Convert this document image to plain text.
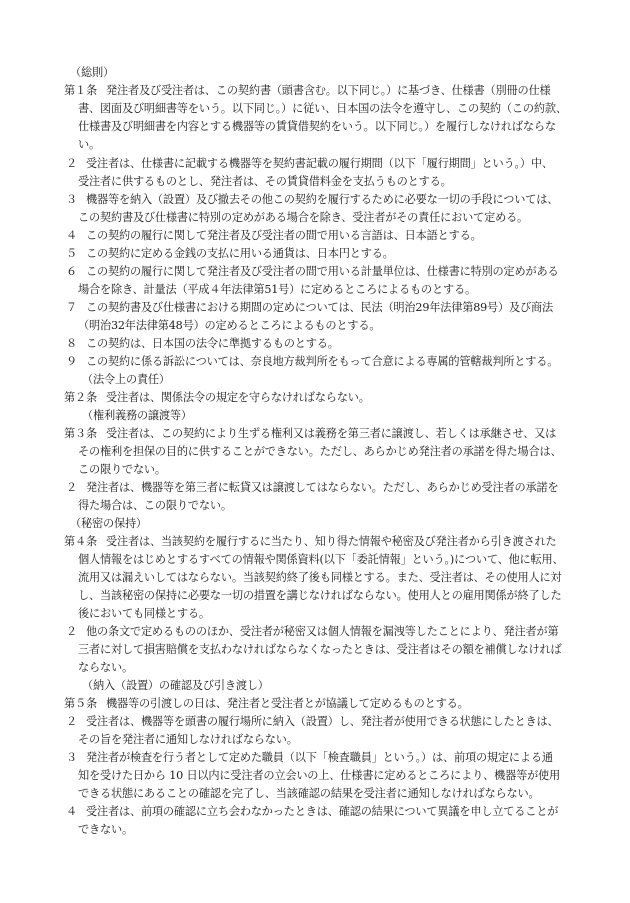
（総則）
第１条 発注者及び受注者は、この契約書（頭書含む。以下同じ。）に基づき、仕様書（別冊の仕様
書、図面及び明細書等をいう。以下同じ。）に従い、日本国の法令を遵守し、この契約（この約款、
仕様書及び明細書を内容とする機器等の賃貸借契約をいう。以下同じ。）を履行しなければならな
い。
２ 受注者は、仕様書に記載する機器等を契約書記載の履行期間（以下「履行期間」という。）中、
受注者に供するものとし、発注者は、その賃貸借料金を支払うものとする。
３ 機器等を納入（設置）及び撤去その他この契約を履行するために必要な一切の手段については、
この契約書及び仕様書に特別の定めがある場合を除き、受注者がその責任において定める。
４ この契約の履行に関して発注者及び受注者の間で用いる言語は、日本語とする。
５ この契約に定める金銭の支払に用いる通貨は、日本円とする。
６ この契約の履行に関して発注者及び受注者の間で用いる計量単位は、仕様書に特別の定めがある
場合を除き、計量法（平成４年法律第51号）に定めるところによるものとする。
７ この契約書及び仕様書における期間の定めについては、民法（明治29年法律第89号）及び商法
（明治32年法律第48号）の定めるところによるものとする。
８ この契約は、日本国の法令に準拠するものとする。
９ この契約に係る訴訟については、奈良地方裁判所をもって合意による専属的管轄裁判所とする。
（法令上の責任）
第２条 受注者は、関係法令の規定を守らなければならない。
（権利義務の譲渡等）
第３条 受注者は、この契約により生ずる権利又は義務を第三者に譲渡し、若しくは承継させ、又は
その権利を担保の目的に供することができない。ただし、あらかじめ発注者の承諾を得た場合は、
この限りでない。
２ 発注者は、機器等を第三者に転貸又は譲渡してはならない。ただし、あらかじめ受注者の承諾を
得た場合は、この限りでない。
（秘密の保持）
第４条 受注者は、当該契約を履行するに当たり、知り得た情報や秘密及び発注者から引き渡された
個人情報をはじめとするすべての情報や関係資料(以下「委託情報」という。)について、他に転用、
流用又は漏えいしてはならない。当該契約終了後も同様とする。また、受注者は、その使用人に対
し、当該秘密の保持に必要な一切の措置を講じなければならない。使用人との雇用関係が終了した
後においても同様とする。
２ 他の条文で定めるもののほか、受注者が秘密又は個人情報を漏洩等したことにより、発注者が第
三者に対して損害賠償を支払わなければならなくなったときは、受注者はその額を補償しなければ
ならない。
（納入（設置）の確認及び引き渡し）
第５条 機器等の引渡しの日は、発注者と受注者とが協議して定めるものとする。
２ 受注者は、機器等を頭書の履行場所に納入（設置）し、発注者が使用できる状態にしたときは、
その旨を発注者に通知しなければならない。
３ 発注者が検査を行う者として定めた職員（以下「検査職員」という。）は、前項の規定による通
知を受けた日から 10 日以内に受注者の立会いの上、仕様書に定めるところにより、機器等が使用
できる状態にあることの確認を完了し、当該確認の結果を受注者に通知しなければならない。
４ 受注者は、前項の確認に立ち会わなかったときは、確認の結果について異議を申し立てることが
できない。
